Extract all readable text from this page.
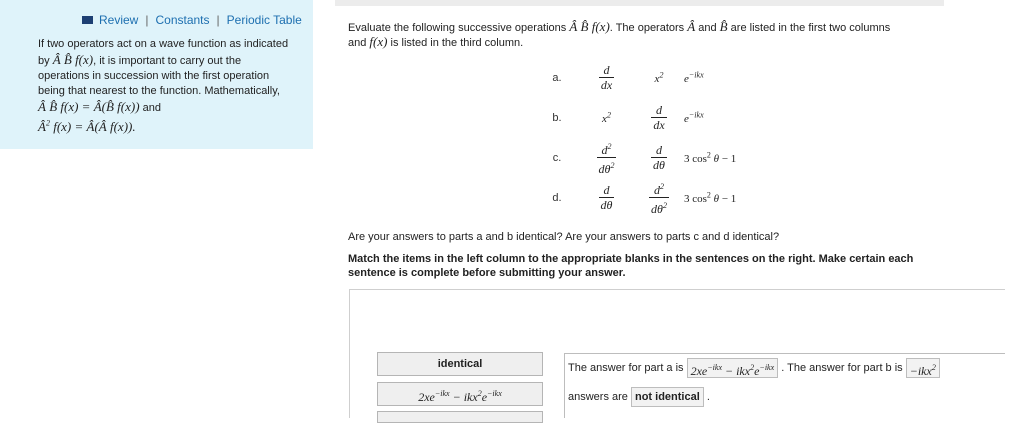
Review | Constants | Periodic Table
If two operators act on a wave function as indicated
by Â B̂ f(x), it is important to carry out the
operations in succession with the first operation
being that nearest to the function. Mathematically,
Â B̂ f(x) = Â(B̂ f(x)) and
$Â^2$ f(x) = Â(Â f(x)).
Evaluate the following successive operations Â B̂ f(x). The operators Â and B̂ are listed in the first two columns
and f(x) is listed in the third column.
a.	$\frac{d}{dx}$	$x^2$	$e^{-ikx}$
b.	$x^2$	$\frac{d}{dx}$	$e^{-ikx}$
c.	$\frac{d^2}{d\theta^2}$	$\frac{d}{d\theta}$	3 $\cos^2 \theta - 1$
d.	$\frac{d}{d\theta}$	$\frac{d^2}{d\theta^2}$	3 $\cos^2 \theta - 1$
Are your answers to parts a and b identical? Are your answers to parts c and d identical?
Match the items in the left column to the appropriate blanks in the sentences on the right. Make certain each sentence is complete before submitting your answer.
identical
$2xe^{-ikx} - ikx^2e^{-ikx}$
The answer for part a is $2xe^{-ikx} - ikx^2e^{-ikx}$ . The answer for part b is −ikx$^2$
answers are not identical .
